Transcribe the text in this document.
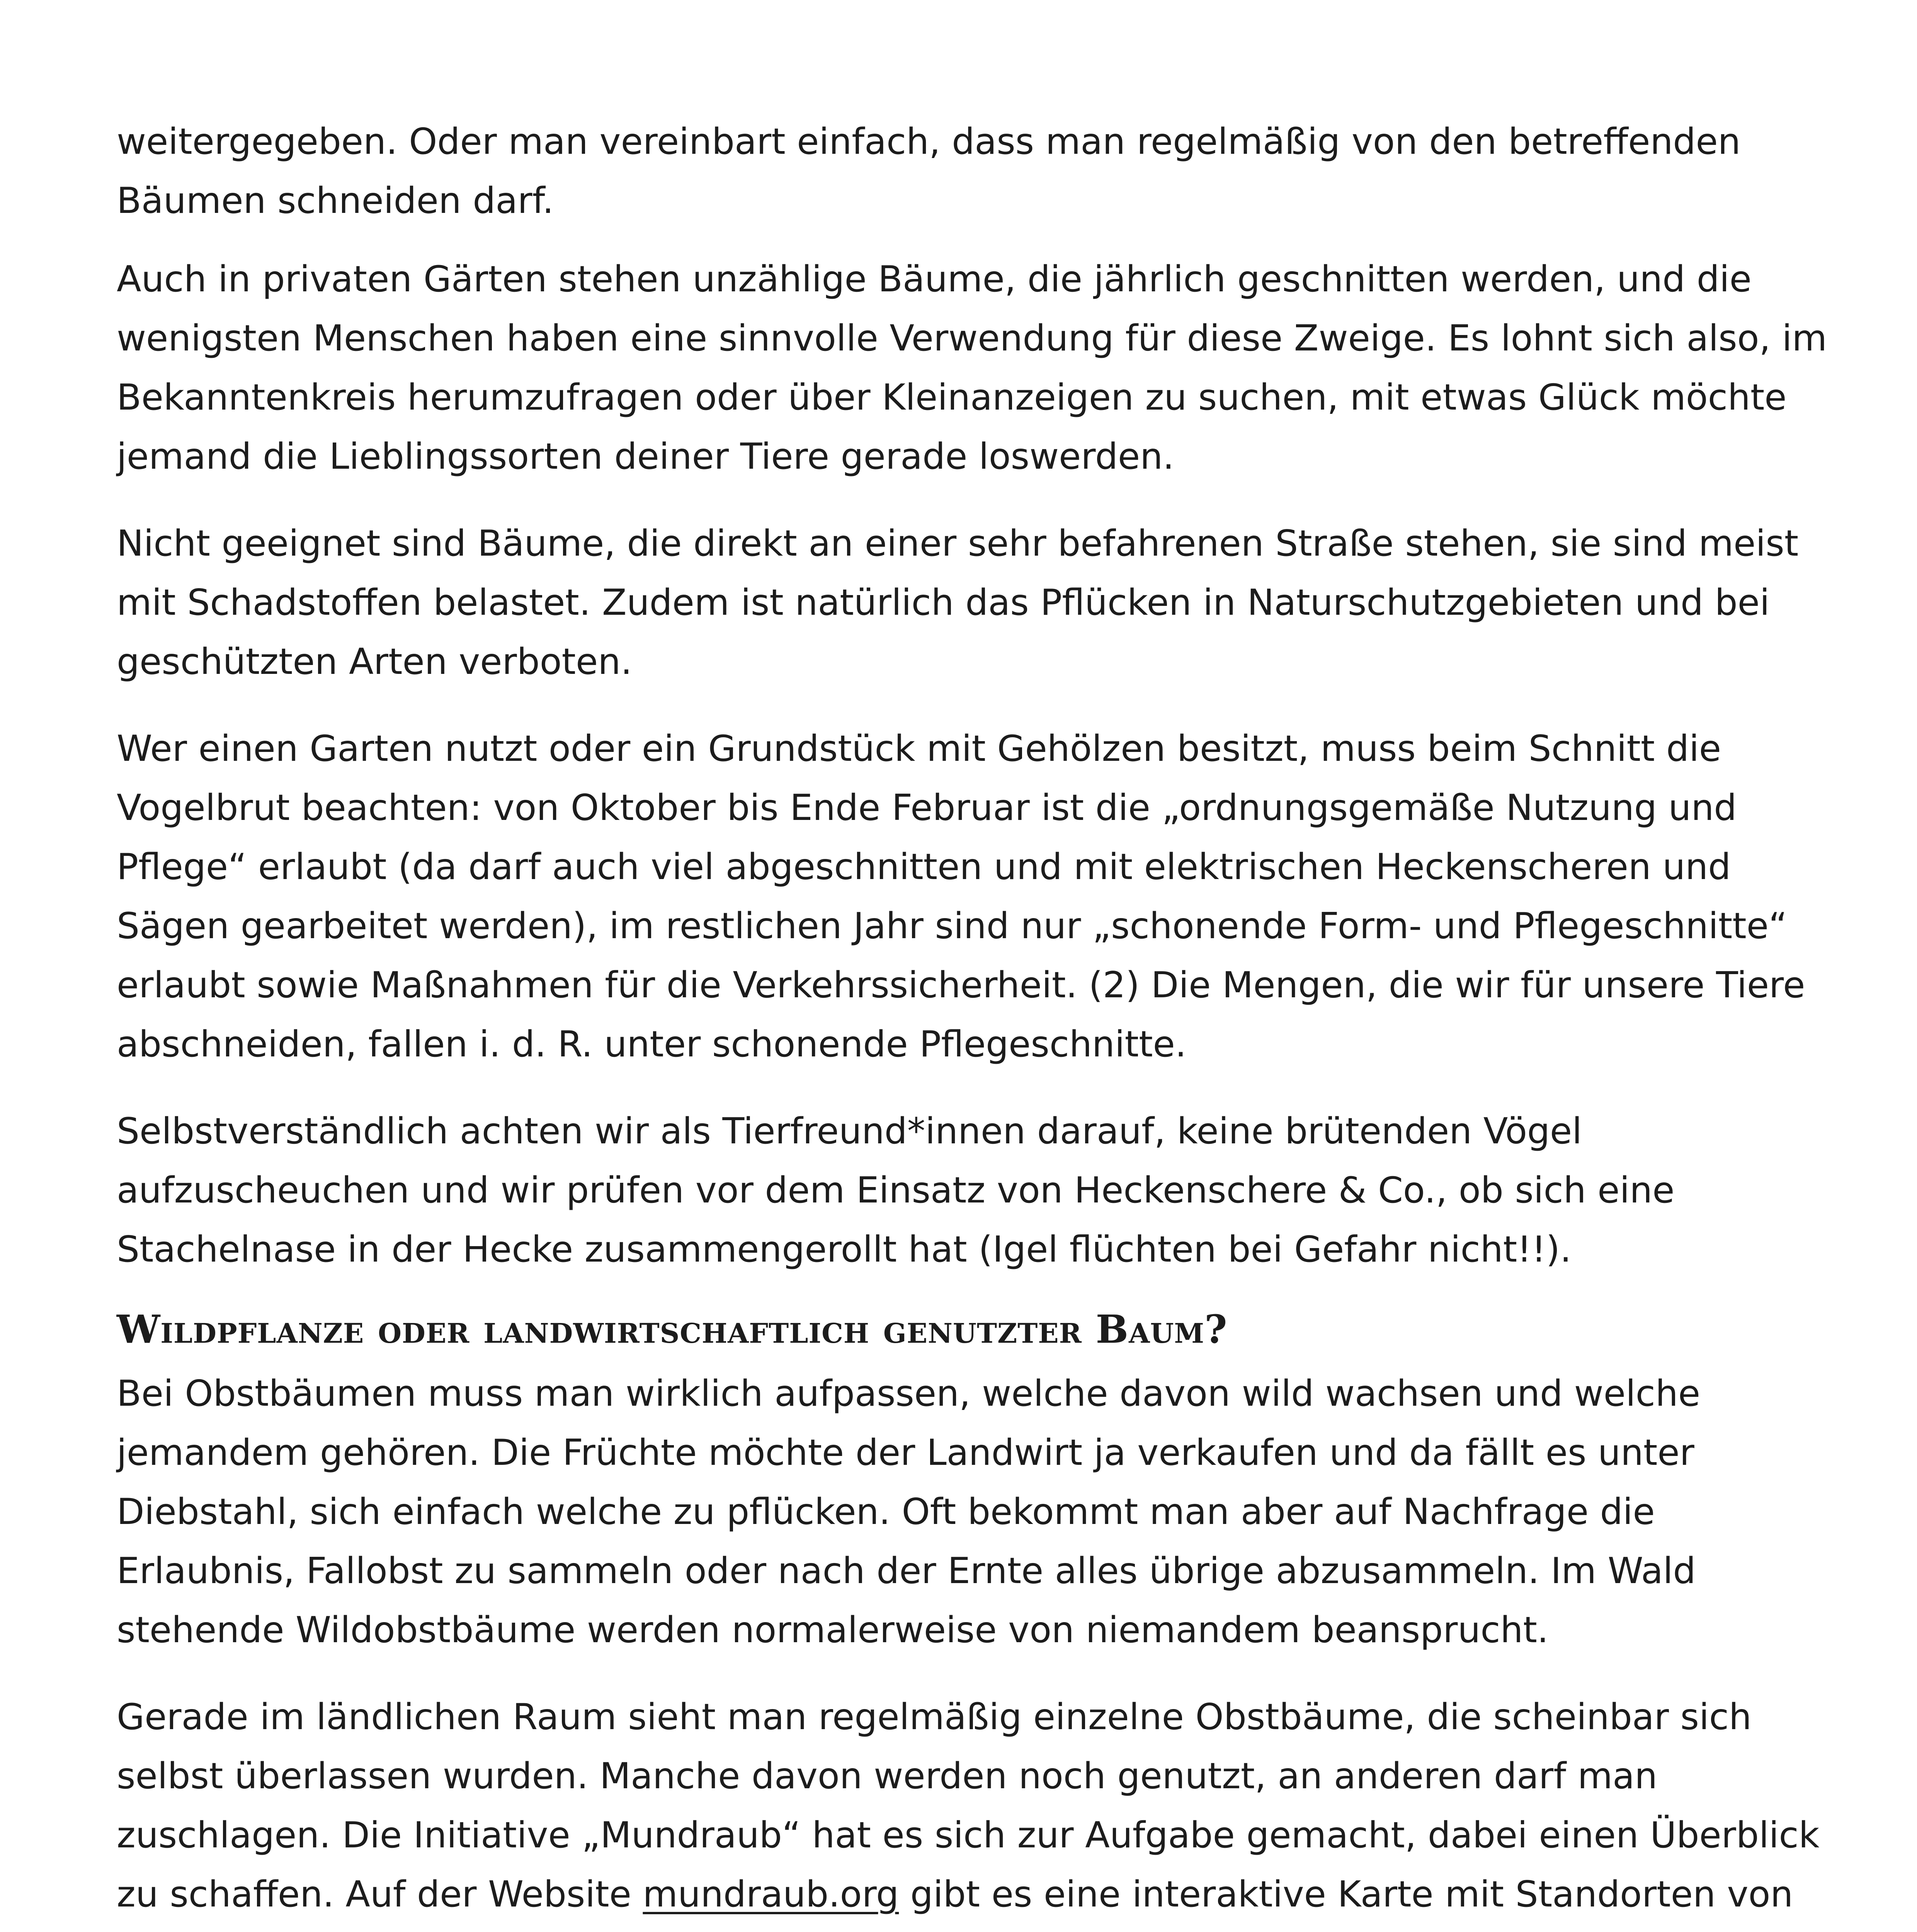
weitergegeben. Oder man vereinbart einfach, dass man regelmäßig von den betreffenden Bäumen schneiden darf.

Auch in privaten Gärten stehen unzählige Bäume, die jährlich geschnitten werden, und die wenigsten Menschen haben eine sinnvolle Verwendung für diese Zweige. Es lohnt sich also, im Bekanntenkreis herumzufragen oder über Kleinanzeigen zu suchen, mit etwas Glück möchte jemand die Lieblingssorten deiner Tiere gerade loswerden.

Nicht geeignet sind Bäume, die direkt an einer sehr befahrenen Straße stehen, sie sind meist mit Schadstoffen belastet. Zudem ist natürlich das Pflücken in Naturschutzgebieten und bei geschützten Arten verboten.

Wer einen Garten nutzt oder ein Grundstück mit Gehölzen besitzt, muss beim Schnitt die Vogelbrut beachten: von Oktober bis Ende Februar ist die „ordnungsgemäße Nutzung und Pflege“ erlaubt (da darf auch viel abgeschnitten und mit elektrischen Heckenscheren und Sägen gearbeitet werden), im restlichen Jahr sind nur „schonende Form- und Pflegeschnitte“ erlaubt sowie Maßnahmen für die Verkehrssicherheit. (2) Die Mengen, die wir für unsere Tiere abschneiden, fallen i. d. R. unter schonende Pflegeschnitte.

Selbstverständlich achten wir als Tierfreund*innen darauf, keine brütenden Vögel aufzuscheuchen und wir prüfen vor dem Einsatz von Heckenschere & Co., ob sich eine Stachelnase in der Hecke zusammengerollt hat (Igel flüchten bei Gefahr nicht!!).

Wildpflanze oder landwirtschaftlich genutzter Baum?

Bei Obstbäumen muss man wirklich aufpassen, welche davon wild wachsen und welche jemandem gehören. Die Früchte möchte der Landwirt ja verkaufen und da fällt es unter Diebstahl, sich einfach welche zu pflücken. Oft bekommt man aber auf Nachfrage die Erlaubnis, Fallobst zu sammeln oder nach der Ernte alles übrige abzusammeln. Im Wald stehende Wildobstbäume werden normalerweise von niemandem beansprucht.

Gerade im ländlichen Raum sieht man regelmäßig einzelne Obstbäume, die scheinbar sich selbst überlassen wurden. Manche davon werden noch genutzt, an anderen darf man zuschlagen. Die Initiative „Mundraub“ hat es sich zur Aufgabe gemacht, dabei einen Überblick zu schaffen. Auf der Website mundraub.org gibt es eine interaktive Karte mit Standorten von
